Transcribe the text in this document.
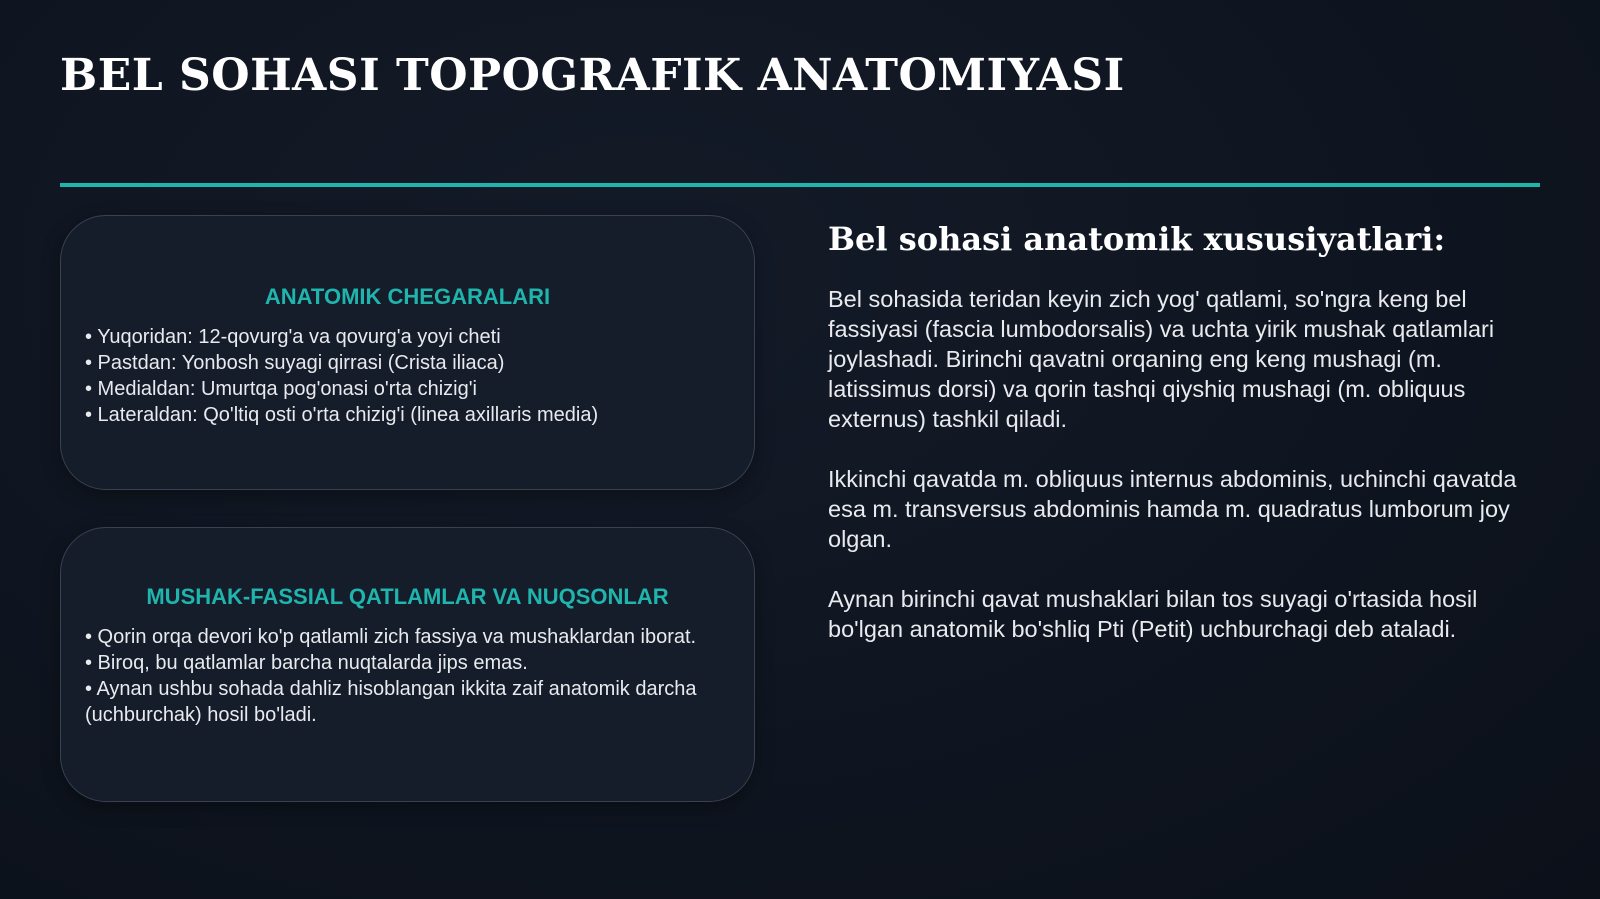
BEL SOHASI TOPOGRAFIK ANATOMIYASI
ANATOMIK CHEGARALARI
• Yuqoridan: 12-qovurg'a va qovurg'a yoyi cheti
• Pastdan: Yonbosh suyagi qirrasi (Crista iliaca)
• Medialdan: Umurtqa pog'onasi o'rta chizig'i
• Lateraldan: Qo'ltiq osti o'rta chizig'i (linea axillaris media)
MUSHAK-FASSIAL QATLAMLAR VA NUQSONLAR
• Qorin orqa devori ko'p qatlamli zich fassiya va mushaklardan iborat.
• Biroq, bu qatlamlar barcha nuqtalarda jips emas.
• Aynan ushbu sohada dahliz hisoblangan ikkita zaif anatomik darcha (uchburchak) hosil bo'ladi.
Bel sohasi anatomik xususiyatlari:

Bel sohasida teridan keyin zich yog' qatlami, so'ngra keng bel fassiyasi (fascia lumbodorsalis) va uchta yirik mushak qatlamlari joylashadi. Birinchi qavatni orqaning eng keng mushagi (m. latissimus dorsi) va qorin tashqi qiyshiq mushagi (m. obliquus externus) tashkil qiladi.

Ikkinchi qavatda m. obliquus internus abdominis, uchinchi qavatda esa m. transversus abdominis hamda m. quadratus lumborum joy olgan.

Aynan birinchi qavat mushaklari bilan tos suyagi o'rtasida hosil bo'lgan anatomik bo'shliq Pti (Petit) uchburchagi deb ataladi.
